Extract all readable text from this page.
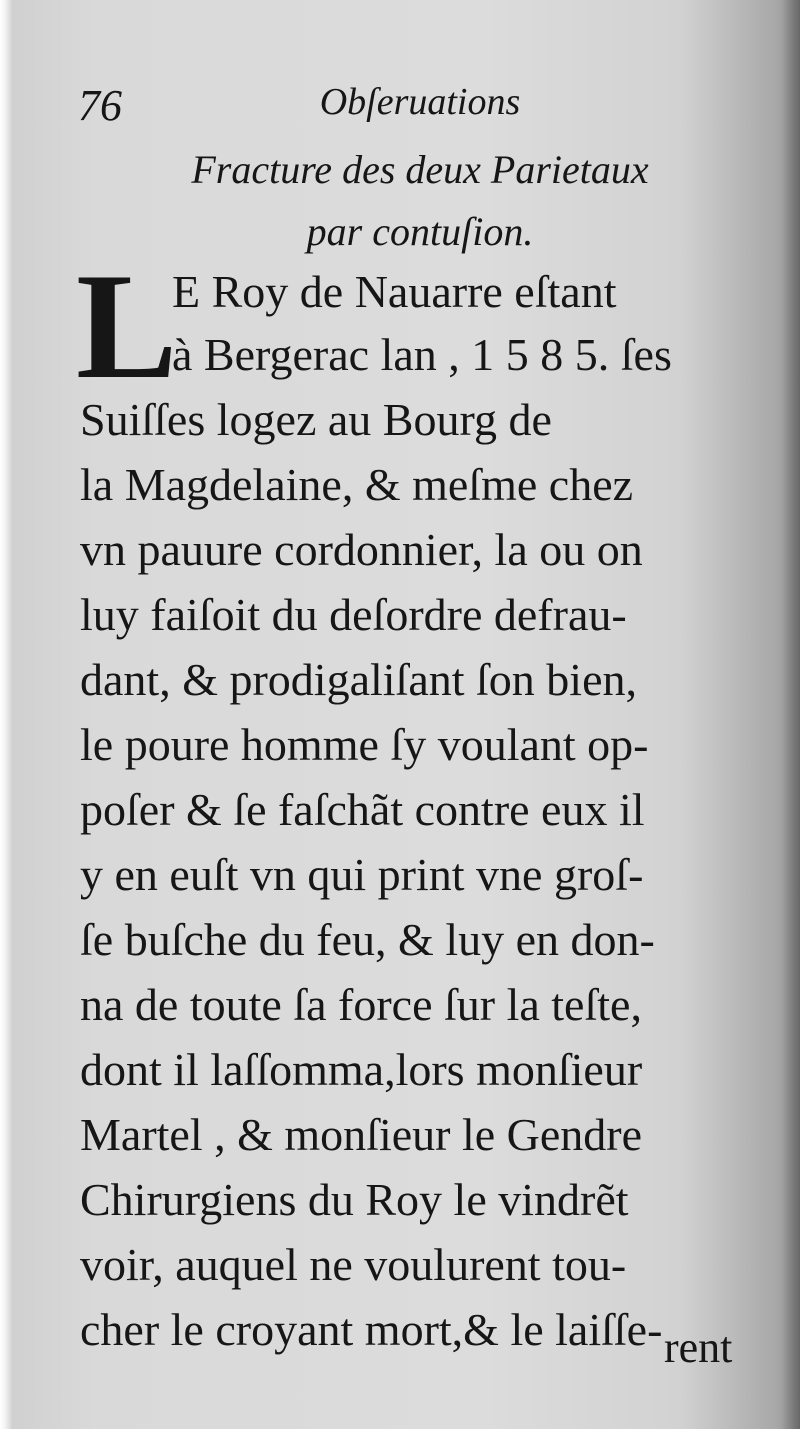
76	Obſeruations
Fracture des deux Parietaux
par contuſion.
L
E Roy de Nauarre eſtant
à Bergerac lan , 1 5 8 5. ſes
Suiſſes logez au Bourg de
la Magdelaine, & meſme chez
vn pauure cordonnier, la ou on
luy faiſoit du deſordre defrau-
dant, & prodigaliſant ſon bien,
le poure homme ſy voulant op-
poſer & ſe faſchãt contre eux il
y en euſt vn qui print vne groſ-
ſe buſche du feu, & luy en don-
na de toute ſa force ſur la teſte,
dont il laſſomma,lors monſieur
Martel , & monſieur le Gendre
Chirurgiens du Roy le vindrẽt
voir, auquel ne voulurent tou-
cher le croyant mort,& le laiſſe- rent
